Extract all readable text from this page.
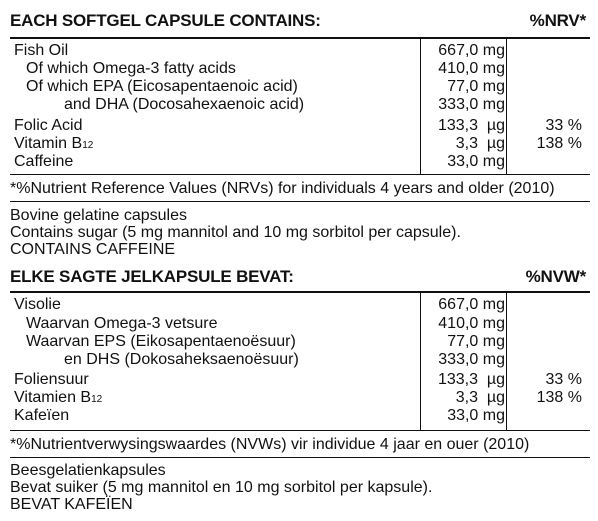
EACH SOFTGEL CAPSULE CONTAINS:	%NRV*
Fish Oil	667,0 mg
Of which Omega-3 fatty acids	410,0 mg
Of which EPA (Eicosapentaenoic acid)	77,0 mg
and DHA (Docosahexaenoic acid)	333,0 mg
Folic Acid	133,3  µg	33 %
Vitamin B12	3,3  µg 138 %
Caffeine	33,0 mg
*%Nutrient Reference Values (NRVs) for individuals 4 years and older (2010)
Bovine gelatine capsules
Contains sugar (5 mg mannitol and 10 mg sorbitol per capsule).
CONTAINS CAFFEINE
ELKE SAGTE JELKAPSULE BEVAT:	%NVW*
Visolie	667,0 mg
Waarvan Omega-3 vetsure	410,0 mg
Waarvan EPS (Eikosapentaenoësuur)	77,0 mg
en DHS (Dokosaheksaenoësuur)	333,0 mg
Foliensuur	133,3  µg	33 %
Vitamien B12	3,3  µg 138 %
Kafeïen	33,0 mg
*%Nutrientverwysingswaardes (NVWs) vir individue 4 jaar en ouer (2010)
Beesgelatienkapsules
Bevat suiker (5 mg mannitol en 10 mg sorbitol per kapsule).
BEVAT KAFEÏEN
